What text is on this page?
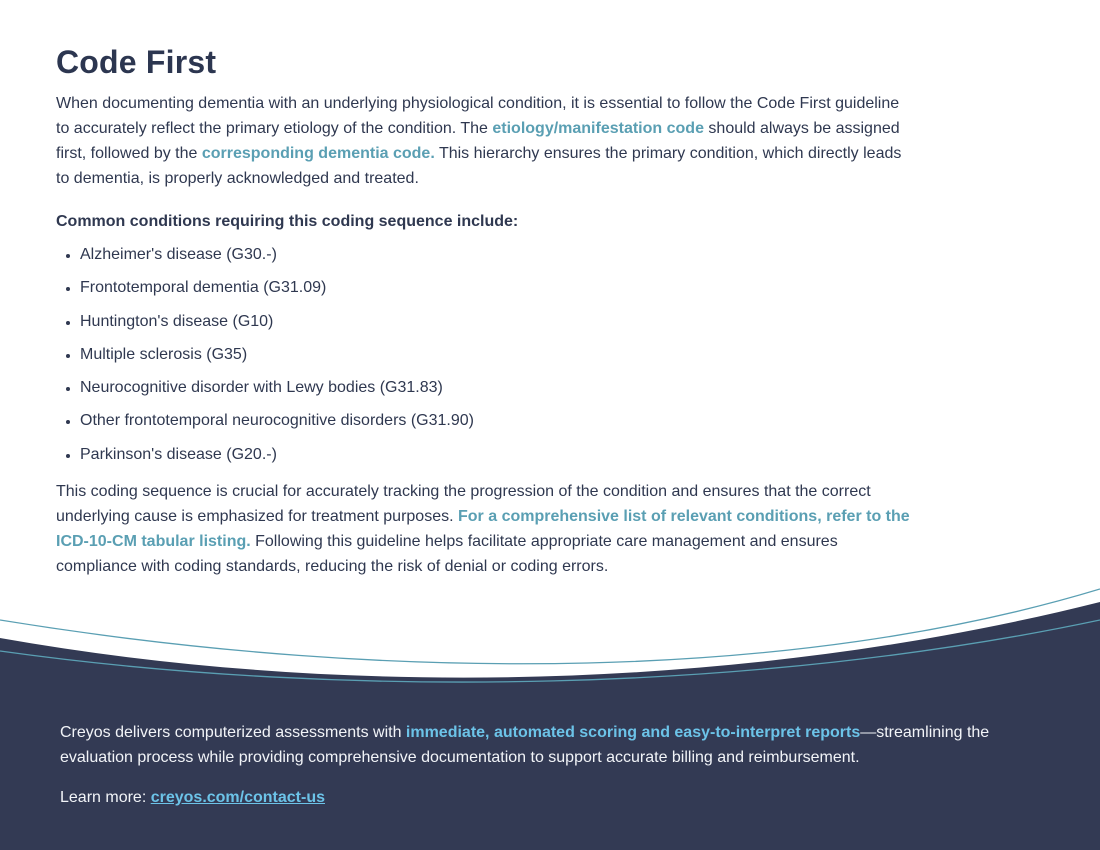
Code First

When documenting dementia with an underlying physiological condition, it is essential to follow the Code First guideline to accurately reflect the primary etiology of the condition. The etiology/manifestation code should always be assigned first, followed by the corresponding dementia code. This hierarchy ensures the primary condition, which directly leads to dementia, is properly acknowledged and treated.

Common conditions requiring this coding sequence include:

Alzheimer's disease (G30.-)
Frontotemporal dementia (G31.09)
Huntington's disease (G10)
Multiple sclerosis (G35)
Neurocognitive disorder with Lewy bodies (G31.83)
Other frontotemporal neurocognitive disorders (G31.90)
Parkinson's disease (G20.-)

This coding sequence is crucial for accurately tracking the progression of the condition and ensures that the correct underlying cause is emphasized for treatment purposes. For a comprehensive list of relevant conditions, refer to the ICD-10-CM tabular listing. Following this guideline helps facilitate appropriate care management and ensures compliance with coding standards, reducing the risk of denial or coding errors.

Creyos delivers computerized assessments with immediate, automated scoring and easy-to-interpret reports—streamlining the evaluation process while providing comprehensive documentation to support accurate billing and reimbursement.

Learn more: creyos.com/contact-us
